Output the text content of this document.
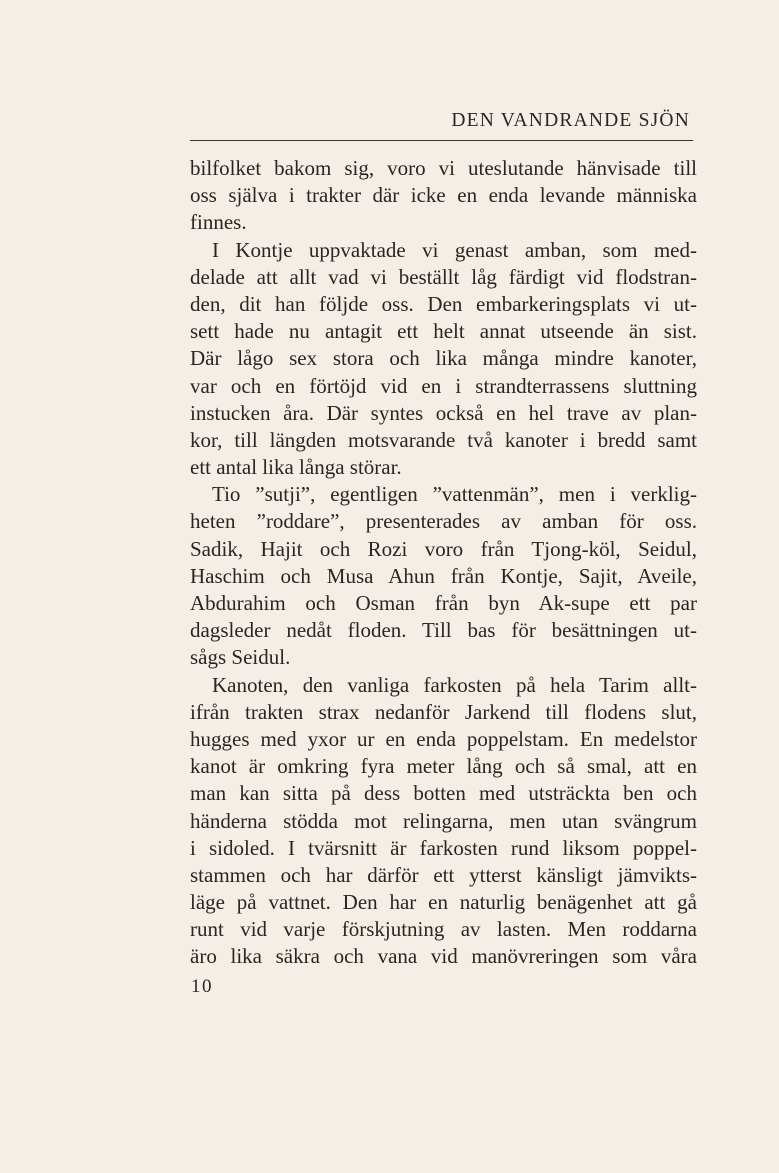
DEN VANDRANDE SJÖN
bilfolket bakom sig, voro vi uteslutande hänvisade till
oss själva i trakter där icke en enda levande människa
finnes.
I Kontje uppvaktade vi genast amban, som med-
delade att allt vad vi beställt låg färdigt vid flodstran-
den, dit han följde oss. Den embarkeringsplats vi ut-
sett hade nu antagit ett helt annat utseende än sist.
Där lågo sex stora och lika många mindre kanoter,
var och en förtöjd vid en i strandterrassens sluttning
instucken åra. Där syntes också en hel trave av plan-
kor, till längden motsvarande två kanoter i bredd samt
ett antal lika långa störar.
Tio ”sutji”, egentligen ”vattenmän”, men i verklig-
heten ”roddare”, presenterades av amban för oss.
Sadik, Hajit och Rozi voro från Tjong-köl, Seidul,
Haschim och Musa Ahun från Kontje, Sajit, Aveile,
Abdurahim och Osman från byn Ak-supe ett par
dagsleder nedåt floden. Till bas för besättningen ut-
sågs Seidul.
Kanoten, den vanliga farkosten på hela Tarim allt-
ifrån trakten strax nedanför Jarkend till flodens slut,
hugges med yxor ur en enda poppelstam. En medelstor
kanot är omkring fyra meter lång och så smal, att en
man kan sitta på dess botten med utsträckta ben och
händerna stödda mot relingarna, men utan svängrum
i sidoled. I tvärsnitt är farkosten rund liksom poppel-
stammen och har därför ett ytterst känsligt jämvikts-
läge på vattnet. Den har en naturlig benägenhet att gå
runt vid varje förskjutning av lasten. Men roddarna
äro lika säkra och vana vid manövreringen som våra
10
